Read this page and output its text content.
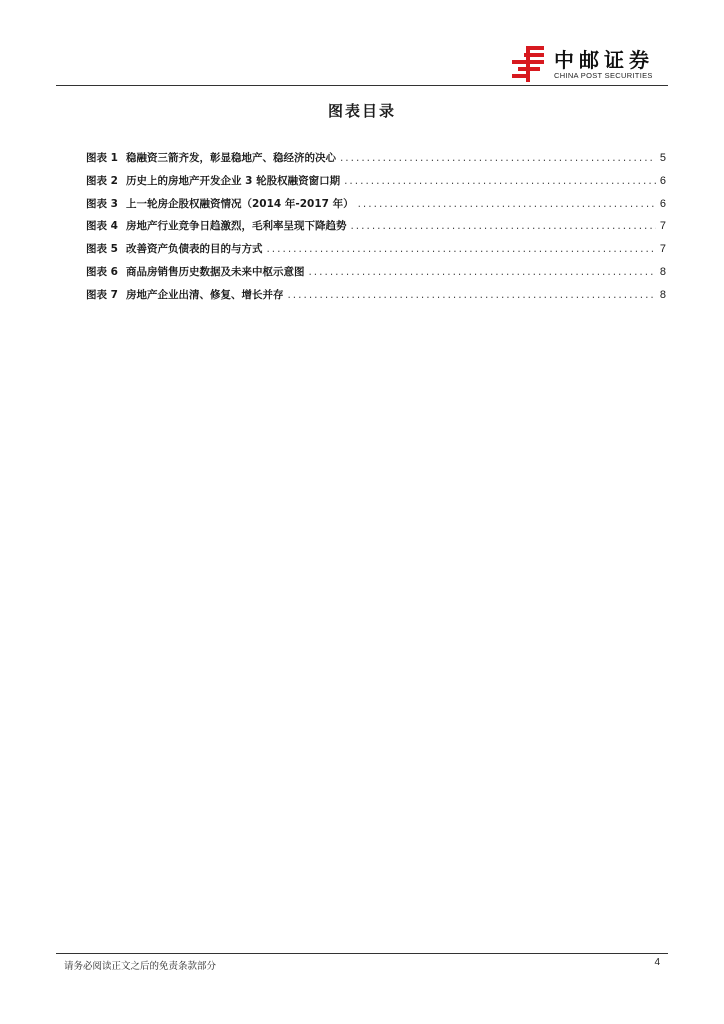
中邮证券
CHINA POST SECURITIES
图表目录
图表 1 稳融资三箭齐发，彰显稳地产、稳经济的决心 .....	5
图表 2 历史上的房地产开发企业 3 轮股权融资窗口期 .....	6
图表 3 上一轮房企股权融资情况（2014 年-2017 年） .....	6
图表 4 房地产行业竞争日趋激烈，毛利率呈现下降趋势 .....	7
图表 5 改善资产负债表的目的与方式 .....	7
图表 6 商品房销售历史数据及未来中枢示意图 .....	8
图表 7 房地产企业出清、修复、增长并存 .....	8
请务必阅读正文之后的免责条款部分	4
